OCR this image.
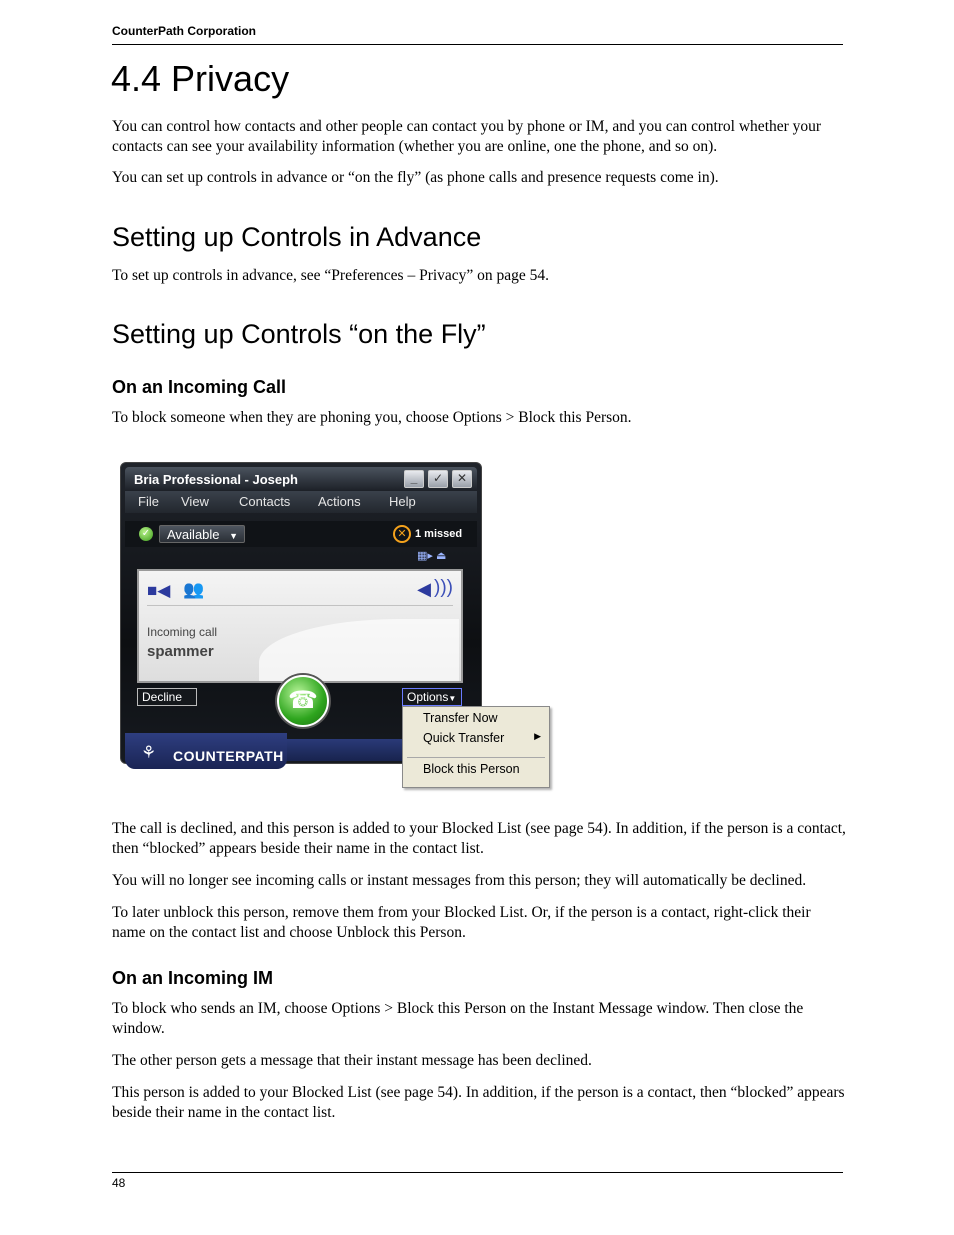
CounterPath Corporation
4.4 Privacy

You can control how contacts and other people can contact you by phone or IM, and you can control whether your contacts can see your availability information (whether you are online, one the phone, and so on).

You can set up controls in advance or “on the fly” (as phone calls and presence requests come in).

Setting up Controls in Advance

To set up controls in advance, see “Preferences – Privacy” on page 54.

Setting up Controls “on the Fly”
On an Incoming Call

To block someone when they are phoning you, choose Options > Block this Person.

Bria Professional - Joseph	_	✓	✕
File View Contacts Actions Help
✓	Available ▼	✕ 1 missed
▦▸ ⏏
■◀ 👥	◀ )))
Incoming call
spammer
Decline	Options▼
☎
⚘ COUNTERPATH
Transfer Now
Quick Transfer	▶
Block this Person

The call is declined, and this person is added to your Blocked List (see page 54). In addition, if the person is a contact, then “blocked” appears beside their name in the contact list.

You will no longer see incoming calls or instant messages from this person; they will automatically be declined.

To later unblock this person, remove them from your Blocked List. Or, if the person is a contact, right-click their name on the contact list and choose Unblock this Person.

On an Incoming IM

To block who sends an IM, choose Options > Block this Person on the Instant Message window. Then close the window.

The other person gets a message that their instant message has been declined.

This person is added to your Blocked List (see page 54). In addition, if the person is a contact, then “blocked” appears beside their name in the contact list.

48
